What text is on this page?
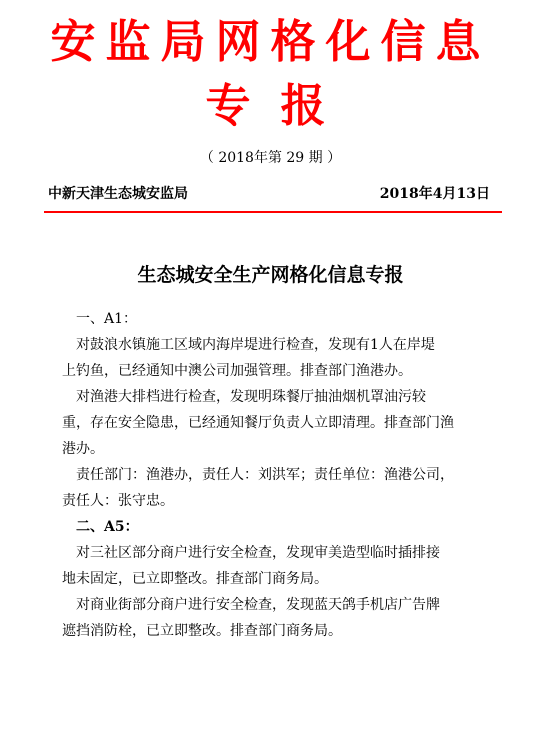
安监局网格化信息
专报
（ 2018年第 29 期 ）
中新天津生态城安监局	2018年4月13日
生态城安全生产网格化信息专报

一、A1：

对鼓浪水镇施工区域内海岸堤进行检查，发现有1人在岸堤

上钓鱼，已经通知中澳公司加强管理。排查部门渔港办。

对渔港大排档进行检查，发现明珠餐厅抽油烟机罩油污较

重，存在安全隐患，已经通知餐厅负责人立即清理。排查部门渔

港办。

责任部门：渔港办，责任人：刘洪军；责任单位：渔港公司，

责任人：张守忠。

二、A5：

对三社区部分商户进行安全检查，发现审美造型临时插排接

地未固定，已立即整改。排查部门商务局。

对商业街部分商户进行安全检查，发现蓝天鸽手机店广告牌

遮挡消防栓，已立即整改。排查部门商务局。
